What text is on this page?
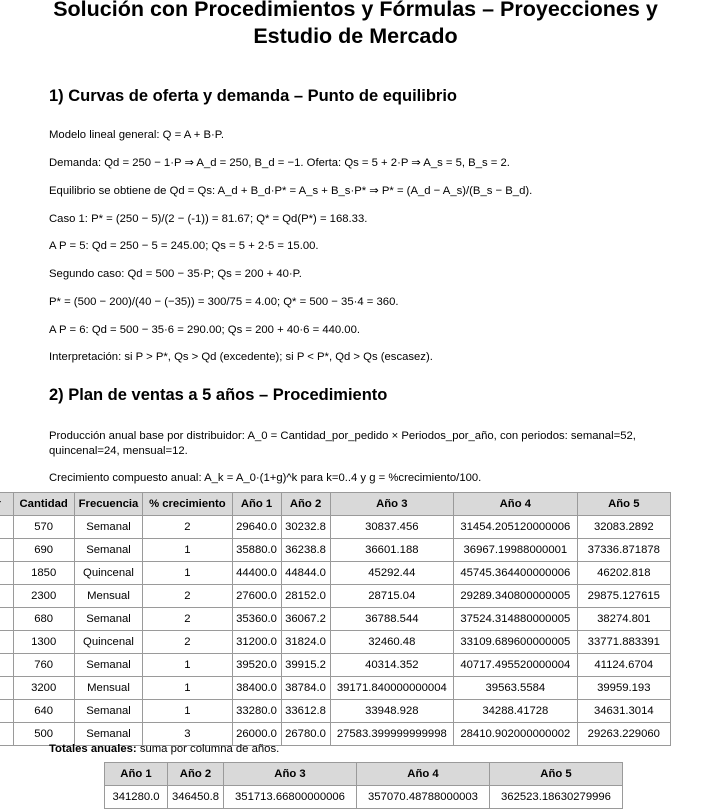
Solución con Procedimientos y Fórmulas – Proyecciones y
Estudio de Mercado
1) Curvas de oferta y demanda – Punto de equilibrio

Modelo lineal general: Q = A + B·P.

Demanda: Qd = 250 − 1·P ⇒ A_d = 250, B_d = −1. Oferta: Qs = 5 + 2·P ⇒ A_s = 5, B_s = 2.

Equilibrio se obtiene de Qd = Qs: A_d + B_d·P* = A_s + B_s·P* ⇒ P* = (A_d − A_s)/(B_s − B_d).

Caso 1: P* = (250 − 5)/(2 − (-1)) = 81.67; Q* = Qd(P*) = 168.33.

A P = 5: Qd = 250 − 5 = 245.00; Qs = 5 + 2·5 = 15.00.

Segundo caso: Qd = 500 − 35·P; Qs = 200 + 40·P.

P* = (500 − 200)/(40 − (−35)) = 300/75 = 4.00; Q* = 500 − 35·4 = 360.

A P = 6: Qd = 500 − 35·6 = 290.00; Qs = 200 + 40·6 = 440.00.

Interpretación: si P > P*, Qs > Qd (excedente); si P < P*, Qd > Qs (escasez).

2) Plan de ventas a 5 años – Procedimiento

Producción anual base por distribuidor: A_0 = Cantidad_por_pedido × Periodos_por_año, con periodos: semanal=52, quincenal=24, mensual=12.

Crecimiento compuesto anual: A_k = A_0·(1+g)^k para k=0..4 y g = %crecimiento/100.

	Cantidad	Frecuencia	% crecimiento	Año 1	Año 2	Año 3	Año 4	Año 5
	570	Semanal	2	29640.0	30232.8	30837.456	31454.205120000006	32083.2892
	690	Semanal	1	35880.0	36238.8	36601.188	36967.19988000001	37336.871878
	1850	Quincenal	1	44400.0	44844.0	45292.44	45745.364400000006	46202.818
	2300	Mensual	2	27600.0	28152.0	28715.04	29289.340800000005	29875.127615
	680	Semanal	2	35360.0	36067.2	36788.544	37524.314880000005	38274.801
	1300	Quincenal	2	31200.0	31824.0	32460.48	33109.689600000005	33771.883391
	760	Semanal	1	39520.0	39915.2	40314.352	40717.495520000004	41124.6704
	3200	Mensual	1	38400.0	38784.0	39171.840000000004	39563.5584	39959.193
	640	Semanal	1	33280.0	33612.8	33948.928	34288.41728	34631.3014
	500	Semanal	3	26000.0	26780.0	27583.399999999998	28410.902000000002	29263.229060

Totales anuales: suma por columna de años.

Año 1	Año 2	Año 3	Año 4	Año 5
341280.0	346450.8	351713.66800000006	357070.48788000003	362523.18630279996
